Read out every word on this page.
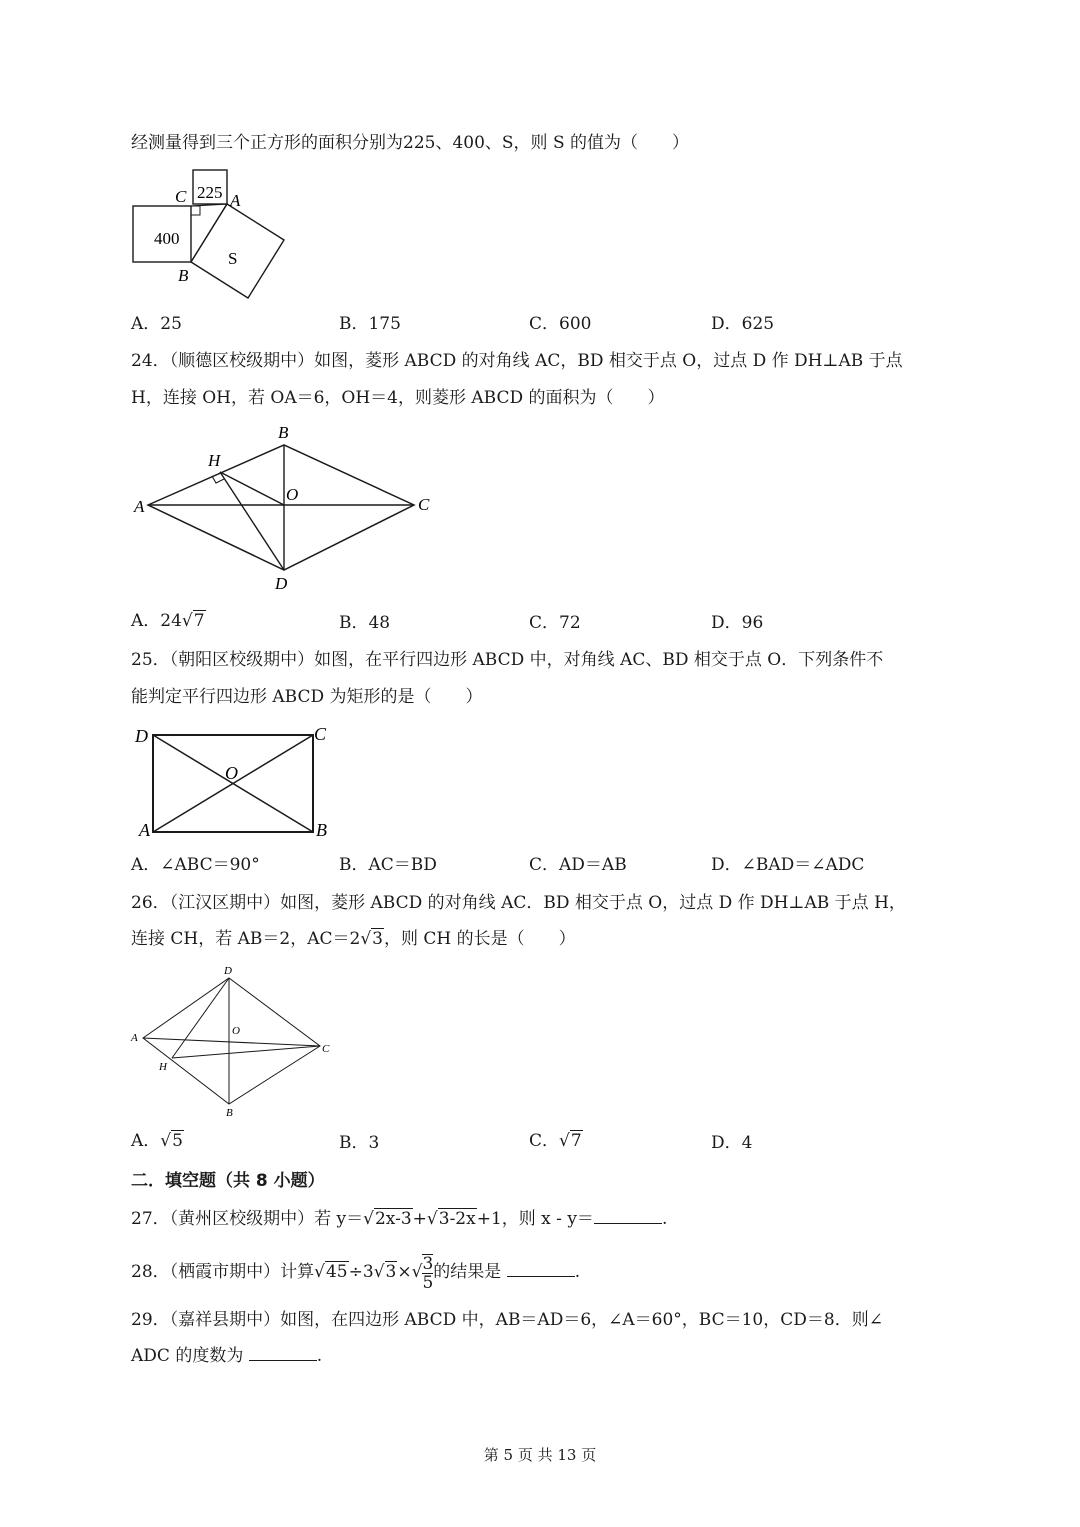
经测量得到三个正方形的面积分别为225、400、S，则 S 的值为（　　）
225
400
S
C	A
B
A．25	B．175	C．600	D．625
24．（顺德区校级期中）如图，菱形 ABCD 的对角线 AC，BD 相交于点 O，过点 D 作 DH⊥AB 于点
H，连接 OH，若 OA＝6，OH＝4，则菱形 ABCD 的面积为（　　）
A
B
C
D
H
O
A．24√7	B．48	C．72	D．96
25．（朝阳区校级期中）如图，在平行四边形 ABCD 中，对角线 AC、BD 相交于点 O．下列条件不
能判定平行四边形 ABCD 为矩形的是（　　）
D	C
A	B
O
A．∠ABC＝90°	B．AC＝BD	C．AD＝AB	D．∠BAD＝∠ADC
26．（江汉区期中）如图，菱形 ABCD 的对角线 AC．BD 相交于点 O，过点 D 作 DH⊥AB 于点 H，
连接 CH，若 AB＝2，AC＝2√3，则 CH 的长是（　　）
A
D
C
B
H
O
A．√5	B．3	C．√7	D．4
二．填空题（共 8 小题）
27．（黄州区校级期中）若 y＝√2x-3+√3-2x+1，则 x - y＝	.
28．（栖霞市期中）计算$√45\div 3√3\times√ \frac{3}{5}$ 的结果是	.
29．（嘉祥县期中）如图，在四边形 ABCD 中，AB＝AD＝6，∠A＝60°，BC＝10，CD＝8．则∠
ADC 的度数为	.
第 5 页 共 13 页
